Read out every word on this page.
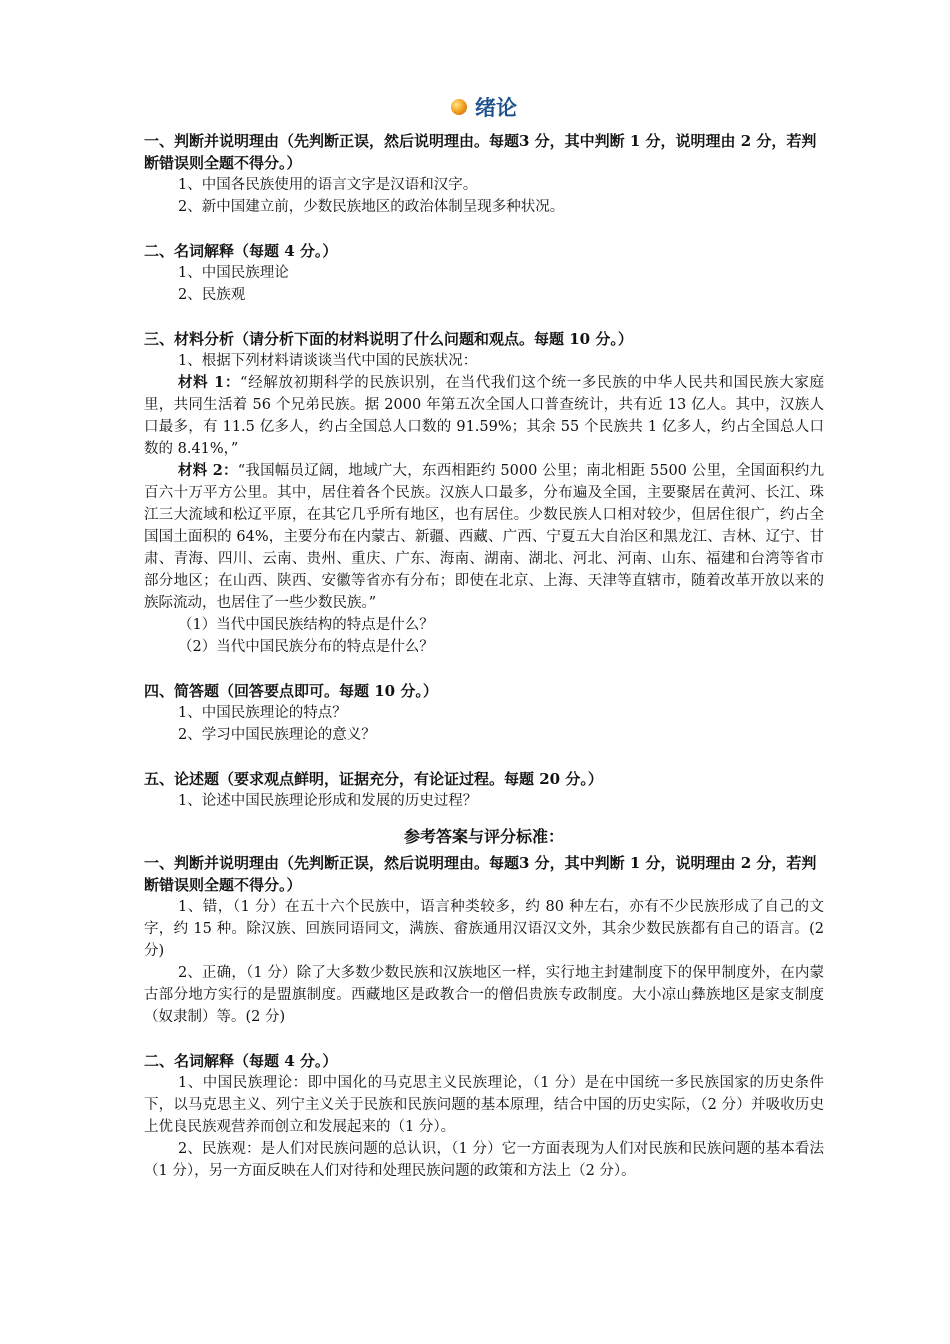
绪论

一、判断并说明理由（先判断正误，然后说明理由。每题3 分，其中判断 1 分，说明理由 2 分，若判断错误则全题不得分。）

1、中国各民族使用的语言文字是汉语和汉字。

2、新中国建立前，少数民族地区的政治体制呈现多种状况。

二、名词解释（每题 4 分。）

1、中国民族理论

2、民族观

三、材料分析（请分析下面的材料说明了什么问题和观点。每题 10 分。）

1、根据下列材料请谈谈当代中国的民族状况：

材料 1：“经解放初期科学的民族识别，在当代我们这个统一多民族的中华人民共和国民族大家庭里，共同生活着 56 个兄弟民族。据 2000 年第五次全国人口普查统计，共有近 13 亿人。其中，汉族人口最多，有 11.5 亿多人，约占全国总人口数的 91.59%；其余 55 个民族共 1 亿多人，约占全国总人口数的 8.41%，”

材料 2：“我国幅员辽阔，地域广大，东西相距约 5000 公里；南北相距 5500 公里，全国面积约九百六十万平方公里。其中，居住着各个民族。汉族人口最多，分布遍及全国，主要聚居在黄河、长江、珠江三大流域和松辽平原，在其它几乎所有地区，也有居住。少数民族人口相对较少，但居住很广，约占全国国土面积的 64%，主要分布在内蒙古、新疆、西藏、广西、宁夏五大自治区和黑龙江、吉林、辽宁、甘肃、青海、四川、云南、贵州、重庆、广东、海南、湖南、湖北、河北、河南、山东、福建和台湾等省市部分地区；在山西、陕西、安徽等省亦有分布；即使在北京、上海、天津等直辖市，随着改革开放以来的族际流动，也居住了一些少数民族。”

（1）当代中国民族结构的特点是什么？

（2）当代中国民族分布的特点是什么？

四、简答题（回答要点即可。每题 10 分。）

1、中国民族理论的特点？

2、学习中国民族理论的意义？

五、论述题（要求观点鲜明，证据充分，有论证过程。每题 20 分。）

1、论述中国民族理论形成和发展的历史过程？

参考答案与评分标准：

一、判断并说明理由（先判断正误，然后说明理由。每题3 分，其中判断 1 分，说明理由 2 分，若判断错误则全题不得分。）

1、错，（1 分）在五十六个民族中，语言种类较多，约 80 种左右，亦有不少民族形成了自己的文字，约 15 种。除汉族、回族同语同文，满族、畲族通用汉语汉文外，其余少数民族都有自己的语言。(2 分)

2、正确，（1 分）除了大多数少数民族和汉族地区一样，实行地主封建制度下的保甲制度外，在内蒙古部分地方实行的是盟旗制度。西藏地区是政教合一的僧侣贵族专政制度。大小凉山彝族地区是家支制度（奴隶制）等。(2 分)

二、名词解释（每题 4 分。）

1、中国民族理论：即中国化的马克思主义民族理论，（1 分）是在中国统一多民族国家的历史条件下，以马克思主义、列宁主义关于民族和民族问题的基本原理，结合中国的历史实际，（2 分）并吸收历史上优良民族观营养而创立和发展起来的（1 分）。

2、民族观：是人们对民族问题的总认识，（1 分）它一方面表现为人们对民族和民族问题的基本看法（1 分），另一方面反映在人们对待和处理民族问题的政策和方法上（2 分）。
